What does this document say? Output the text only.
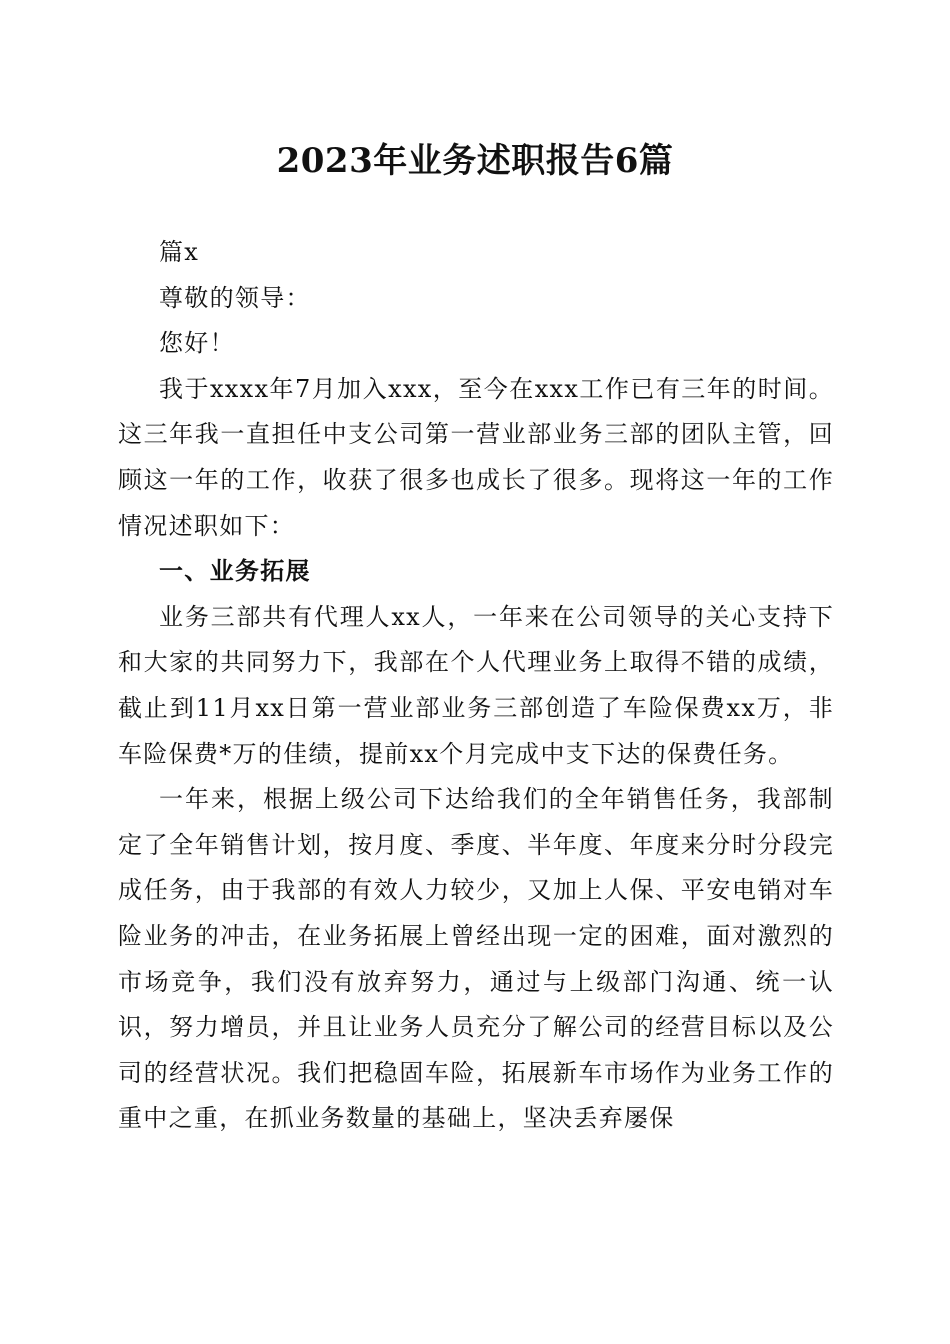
2023年业务述职报告6篇

篇x

尊敬的领导：

您好！

我于xxxx年7月加入xxx，至今在xxx工作已有三年的时间。这三年我一直担任中支公司第一营业部业务三部的团队主管，回顾这一年的工作，收获了很多也成长了很多。现将这一年的工作情况述职如下：

一、业务拓展

业务三部共有代理人xx人，一年来在公司领导的关心支持下和大家的共同努力下，我部在个人代理业务上取得不错的成绩，截止到11月xx日第一营业部业务三部创造了车险保费xx万，非车险保费*万的佳绩，提前xx个月完成中支下达的保费任务。

一年来，根据上级公司下达给我们的全年销售任务，我部制定了全年销售计划，按月度、季度、半年度、年度来分时分段完成任务，由于我部的有效人力较少，又加上人保、平安电销对车险业务的冲击，在业务拓展上曾经出现一定的困难，面对激烈的市场竞争，我们没有放弃努力，通过与上级部门沟通、统一认识，努力增员，并且让业务人员充分了解公司的经营目标以及公司的经营状况。我们把稳固车险，拓展新车市场作为业务工作的重中之重，在抓业务数量的基础上，坚决丢弃屡保
